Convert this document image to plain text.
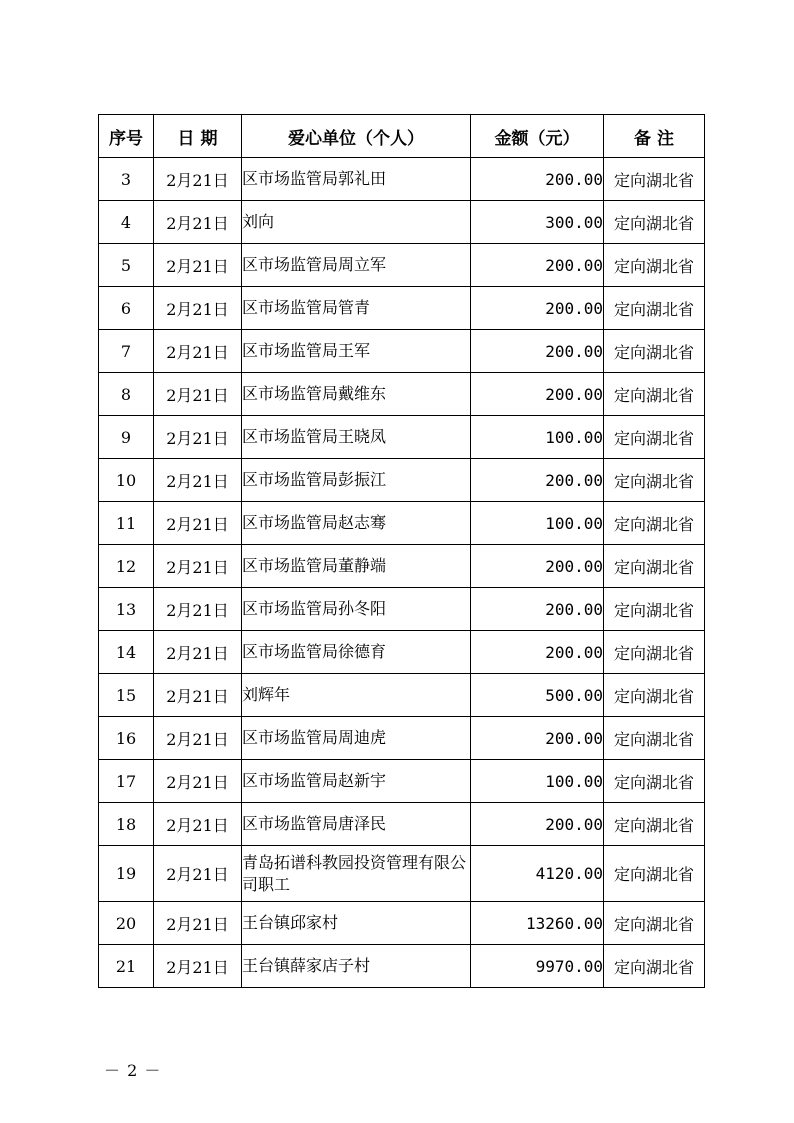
序号	日 期	爱心单位（个人）	金额（元）	备 注
3	2月21日	区市场监管局郭礼田	200.00	定向湖北省
4	2月21日	刘向	300.00	定向湖北省
5	2月21日	区市场监管局周立军	200.00	定向湖北省
6	2月21日	区市场监管局管青	200.00	定向湖北省
7	2月21日	区市场监管局王军	200.00	定向湖北省
8	2月21日	区市场监管局戴维东	200.00	定向湖北省
9	2月21日	区市场监管局王晓凤	100.00	定向湖北省
10	2月21日	区市场监管局彭振江	200.00	定向湖北省
11	2月21日	区市场监管局赵志骞	100.00	定向湖北省
12	2月21日	区市场监管局董静端	200.00	定向湖北省
13	2月21日	区市场监管局孙冬阳	200.00	定向湖北省
14	2月21日	区市场监管局徐德育	200.00	定向湖北省
15	2月21日	刘辉年	500.00	定向湖北省
16	2月21日	区市场监管局周迪虎	200.00	定向湖北省
17	2月21日	区市场监管局赵新宇	100.00	定向湖北省
18	2月21日	区市场监管局唐泽民	200.00	定向湖北省
19	2月21日	青岛拓谱科教园投资管理有限公司职工	4120.00	定向湖北省
20	2月21日	王台镇邱家村	13260.00	定向湖北省
21	2月21日	王台镇薛家店子村	9970.00	定向湖北省
－ 2 －
